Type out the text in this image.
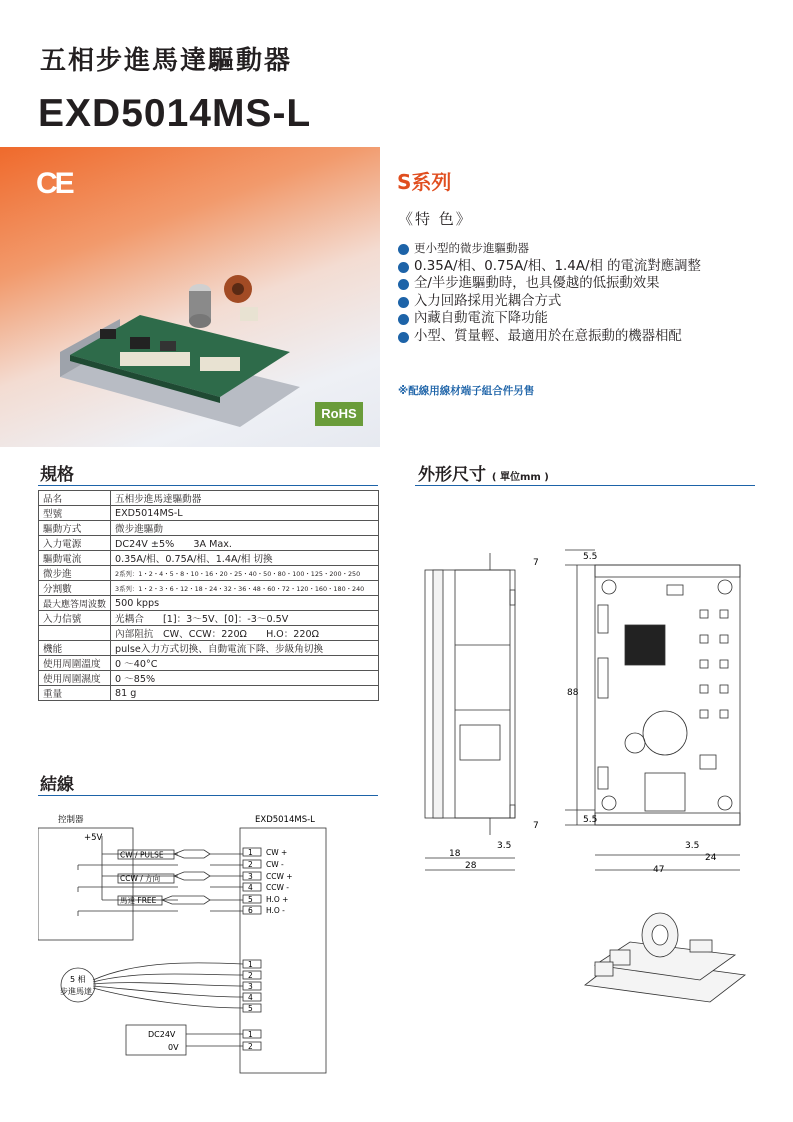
五相步進馬達驅動器
EXD5014MS-L
CE
RoHS
S系列
《特 色》
更小型的微步進驅動器
0.35A/相、0.75A/相、1.4A/相 的電流對應調整
全/半步進驅動時，也具優越的低振動效果
入力回路採用光耦合方式
內藏自動電流下降功能
小型、質量輕、最適用於在意振動的機器相配
※配線用線材端子組合件另售
規格
品名	五相步進馬達驅動器
型號	EXD5014MS-L
驅動方式	微步進驅動
入力電源	DC24V ±5%　　3A Max.
驅動電流	0.35A/相、0.75A/相、1.4A/相 切換
微步進	2系列：1・2・4・5・8・10・16・20・25・40・50・80・100・125・200・250
分割數	3系列：1・2・3・6・12・18・24・32・36・48・60・72・120・160・180・240
最大應答周波數	500 kpps
入力信號	光耦合　　[1]：3～5V、[0]：-3～0.5V
	內部阻抗　CW、CCW：220Ω　　H.O：220Ω
機能	pulse入力方式切換、自動電流下降、步級角切換
使用周圍溫度	0 ～40°C
使用周圍濕度	0 ～85%
重量	81 g
結線
控制器	EXD5014MS-L
+5V
CW / PULSE
CCW / 方向
馬達 FREE
1
2
3
4
5
6
CW +
CW -
CCW +
CCW -
H.O +
H.O -
1
2
3
4
5
1
2
5 相
步進馬達
DC24V
0V
外形尺寸 ( 單位mm )
7
5.5
88
7
5.5
3.5
18
28
3.5
24
47
